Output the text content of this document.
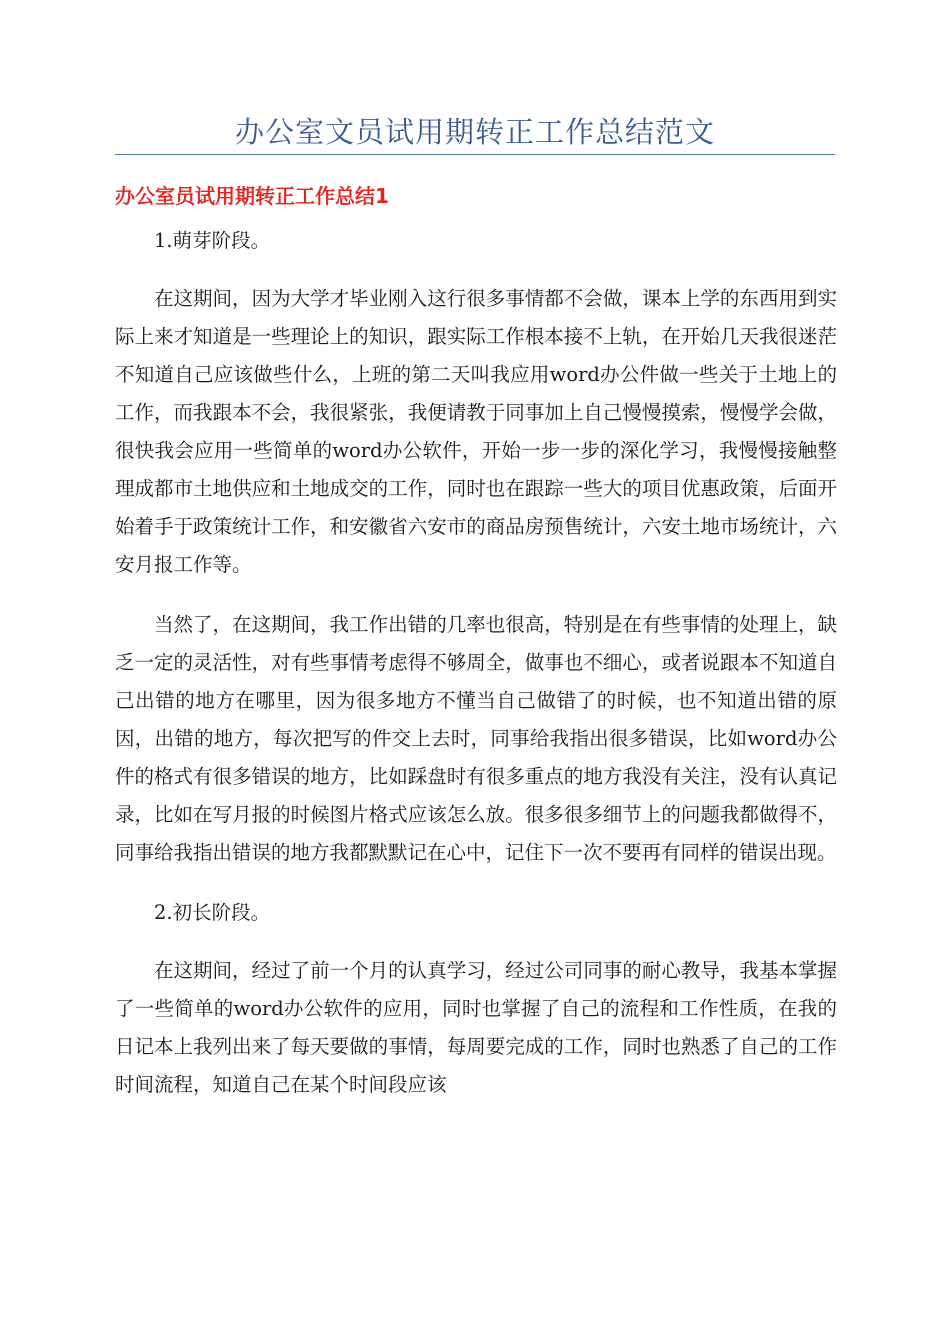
办公室文员试用期转正工作总结范文
办公室员试用期转正工作总结1

1.萌芽阶段。

在这期间，因为大学才毕业刚入这行很多事情都不会做，课本上学的东西用到实际上来才知道是一些理论上的知识，跟实际工作根本接不上轨，在开始几天我很迷茫不知道自己应该做些什么，上班的第二天叫我应用word办公件做一些关于土地上的工作，而我跟本不会，我很紧张，我便请教于同事加上自己慢慢摸索，慢慢学会做，很快我会应用一些简单的word办公软件，开始一步一步的深化学习，我慢慢接触整理成都市土地供应和土地成交的工作，同时也在跟踪一些大的项目优惠政策，后面开始着手于政策统计工作，和安徽省六安市的商品房预售统计，六安土地市场统计，六安月报工作等。

当然了，在这期间，我工作出错的几率也很高，特别是在有些事情的处理上，缺乏一定的灵活性，对有些事情考虑得不够周全，做事也不细心，或者说跟本不知道自己出错的地方在哪里，因为很多地方不懂当自己做错了的时候，也不知道出错的原因，出错的地方，每次把写的件交上去时，同事给我指出很多错误，比如word办公件的格式有很多错误的地方，比如踩盘时有很多重点的地方我没有关注，没有认真记录，比如在写月报的时候图片格式应该怎么放。很多很多细节上的问题我都做得不，同事给我指出错误的地方我都默默记在心中，记住下一次不要再有同样的错误出现。

2.初长阶段。

在这期间，经过了前一个月的认真学习，经过公司同事的耐心教导，我基本掌握了一些简单的word办公软件的应用，同时也掌握了自己的流程和工作性质，在我的日记本上我列出来了每天要做的事情，每周要完成的工作，同时也熟悉了自己的工作时间流程，知道自己在某个时间段应该
